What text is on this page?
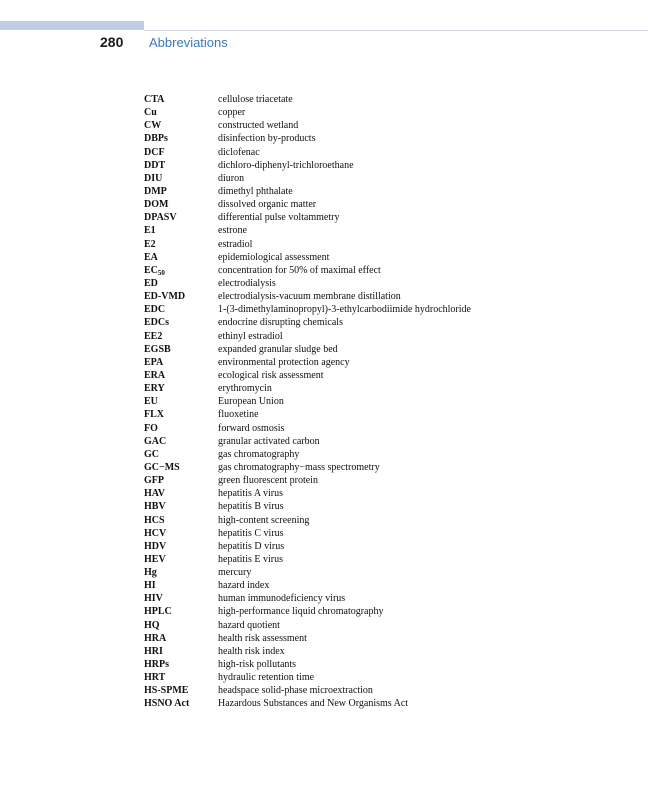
280 Abbreviations
CTA	cellulose triacetate
Cu	copper
CW	constructed wetland
DBPs	disinfection by-products
DCF	diclofenac
DDT	dichloro-diphenyl-trichloroethane
DIU	diuron
DMP	dimethyl phthalate
DOM	dissolved organic matter
DPASV	differential pulse voltammetry
E1	estrone
E2	estradiol
EA	epidemiological assessment
$EC_{50}$	concentration for 50% of maximal effect
ED	electrodialysis
ED-VMD	electrodialysis-vacuum membrane distillation
EDC	1-(3-dimethylaminopropyl)-3-ethylcarbodiimide hydrochloride
EDCs	endocrine disrupting chemicals
EE2	ethinyl estradiol
EGSB	expanded granular sludge bed
EPA	environmental protection agency
ERA	ecological risk assessment
ERY	erythromycin
EU	European Union
FLX	fluoxetine
FO	forward osmosis
GAC	granular activated carbon
GC	gas chromatography
GC−MS	gas chromatography−mass spectrometry
GFP	green fluorescent protein
HAV	hepatitis A virus
HBV	hepatitis B virus
HCS	high-content screening
HCV	hepatitis C virus
HDV	hepatitis D virus
HEV	hepatitis E virus
Hg	mercury
HI	hazard index
HIV	human immunodeficiency virus
HPLC	high-performance liquid chromatography
HQ	hazard quotient
HRA	health risk assessment
HRI	health risk index
HRPs	high-risk pollutants
HRT	hydraulic retention time
HS-SPME	headspace solid-phase microextraction
HSNO Act	Hazardous Substances and New Organisms Act
